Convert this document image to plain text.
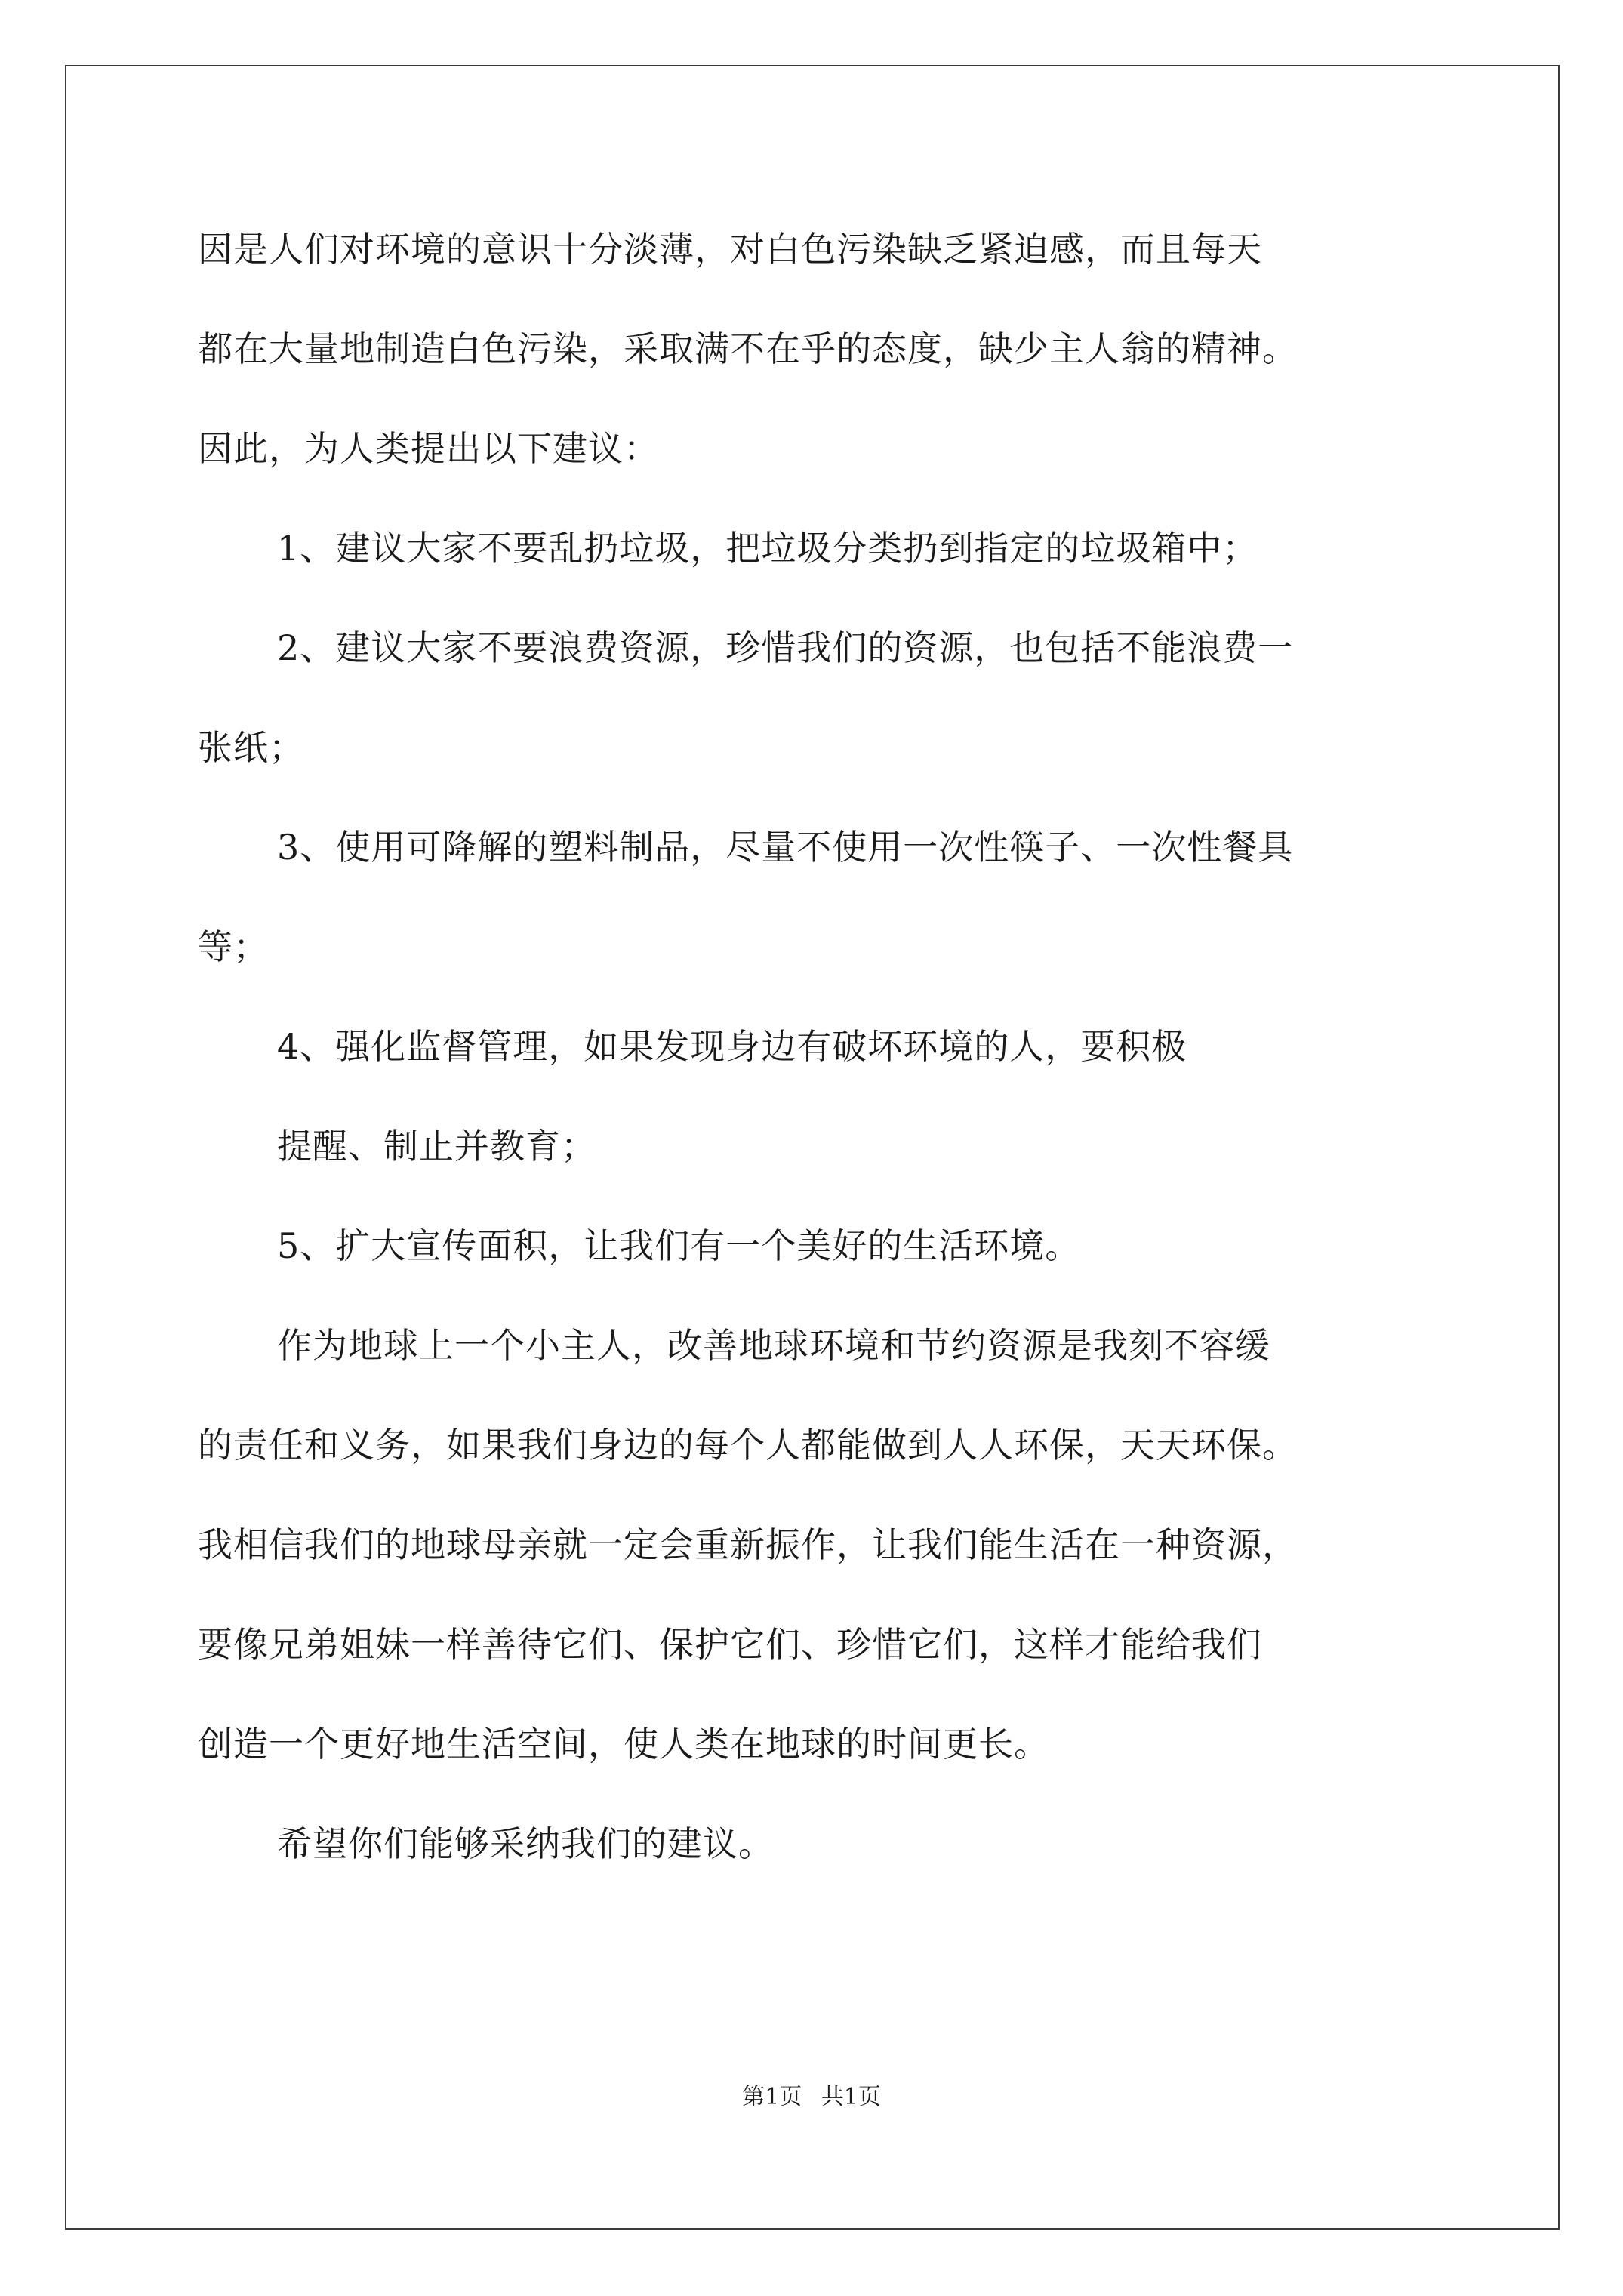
因是人们对环境的意识十分淡薄，对白色污染缺乏紧迫感，而且每天
都在大量地制造白色污染，采取满不在乎的态度，缺少主人翁的精神。
因此，为人类提出以下建议：
1、建议大家不要乱扔垃圾，把垃圾分类扔到指定的垃圾箱中；
2、建议大家不要浪费资源，珍惜我们的资源，也包括不能浪费一
张纸；
3、使用可降解的塑料制品，尽量不使用一次性筷子、一次性餐具
等；
4、强化监督管理，如果发现身边有破坏环境的人，要积极
提醒、制止并教育；
5、扩大宣传面积，让我们有一个美好的生活环境。
作为地球上一个小主人，改善地球环境和节约资源是我刻不容缓
的责任和义务，如果我们身边的每个人都能做到人人环保，天天环保。
我相信我们的地球母亲就一定会重新振作，让我们能生活在一种资源，
要像兄弟姐妹一样善待它们、保护它们、珍惜它们，这样才能给我们
创造一个更好地生活空间，使人类在地球的时间更长。
希望你们能够采纳我们的建议。
第1页 共1页
